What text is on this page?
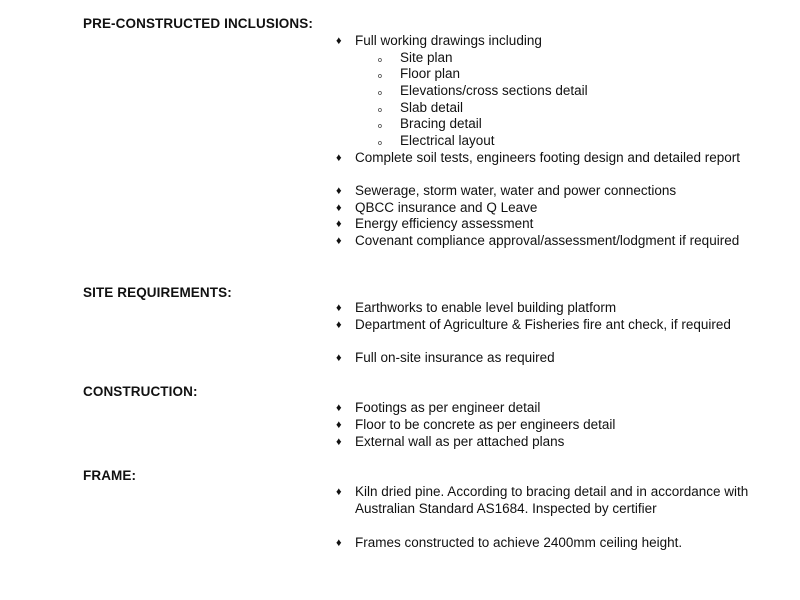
PRE-CONSTRUCTED INCLUSIONS:
♦ Full working drawings including
o Site plan
o Floor plan
o Elevations/cross sections detail
o Slab detail
o Bracing detail
o Electrical layout
♦ Complete soil tests, engineers footing design and detailed report
♦ Sewerage, storm water, water and power connections
♦ QBCC insurance and Q Leave
♦ Energy efficiency assessment
♦ Covenant compliance approval/assessment/lodgment if required
SITE REQUIREMENTS:
♦ Earthworks to enable level building platform
♦ Department of Agriculture & Fisheries fire ant check, if required
♦ Full on-site insurance as required
CONSTRUCTION:
♦ Footings as per engineer detail
♦ Floor to be concrete as per engineers detail
♦ External wall as per attached plans
FRAME:
♦ Kiln dried pine. According to bracing detail and in accordance with Australian Standard AS1684. Inspected by certifier
♦ Frames constructed to achieve 2400mm ceiling height.
